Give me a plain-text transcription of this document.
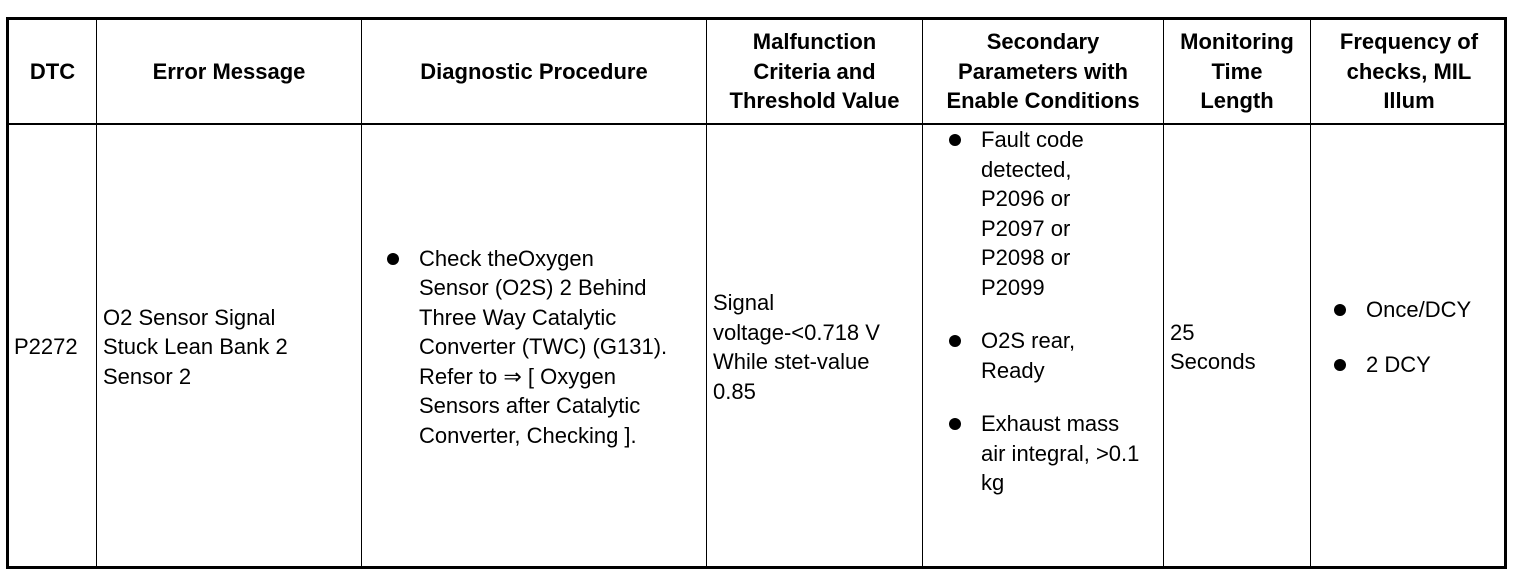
DTC	Error Message	Diagnostic Procedure
Malfunction
Criteria and
Threshold Value
Secondary
Parameters with
Enable Conditions
Monitoring
Time
Length
Frequency of
checks, MIL
Illum
P2272
O2 Sensor Signal
Stuck Lean Bank 2
Sensor 2
Check theOxygen
Sensor (O2S) 2 Behind
Three Way Catalytic
Converter (TWC) (G131).
Refer to ⇒ [ Oxygen
Sensors after Catalytic
Converter, Checking ].
Signal
voltage-<0.718 V
While stet-value
0.85
Fault code
detected,
P2096 or
P2097 or
P2098 or
P2099
O2S rear,
Ready
Exhaust mass
air integral, >0.1
kg
25
Seconds
Once/DCY
2 DCY
